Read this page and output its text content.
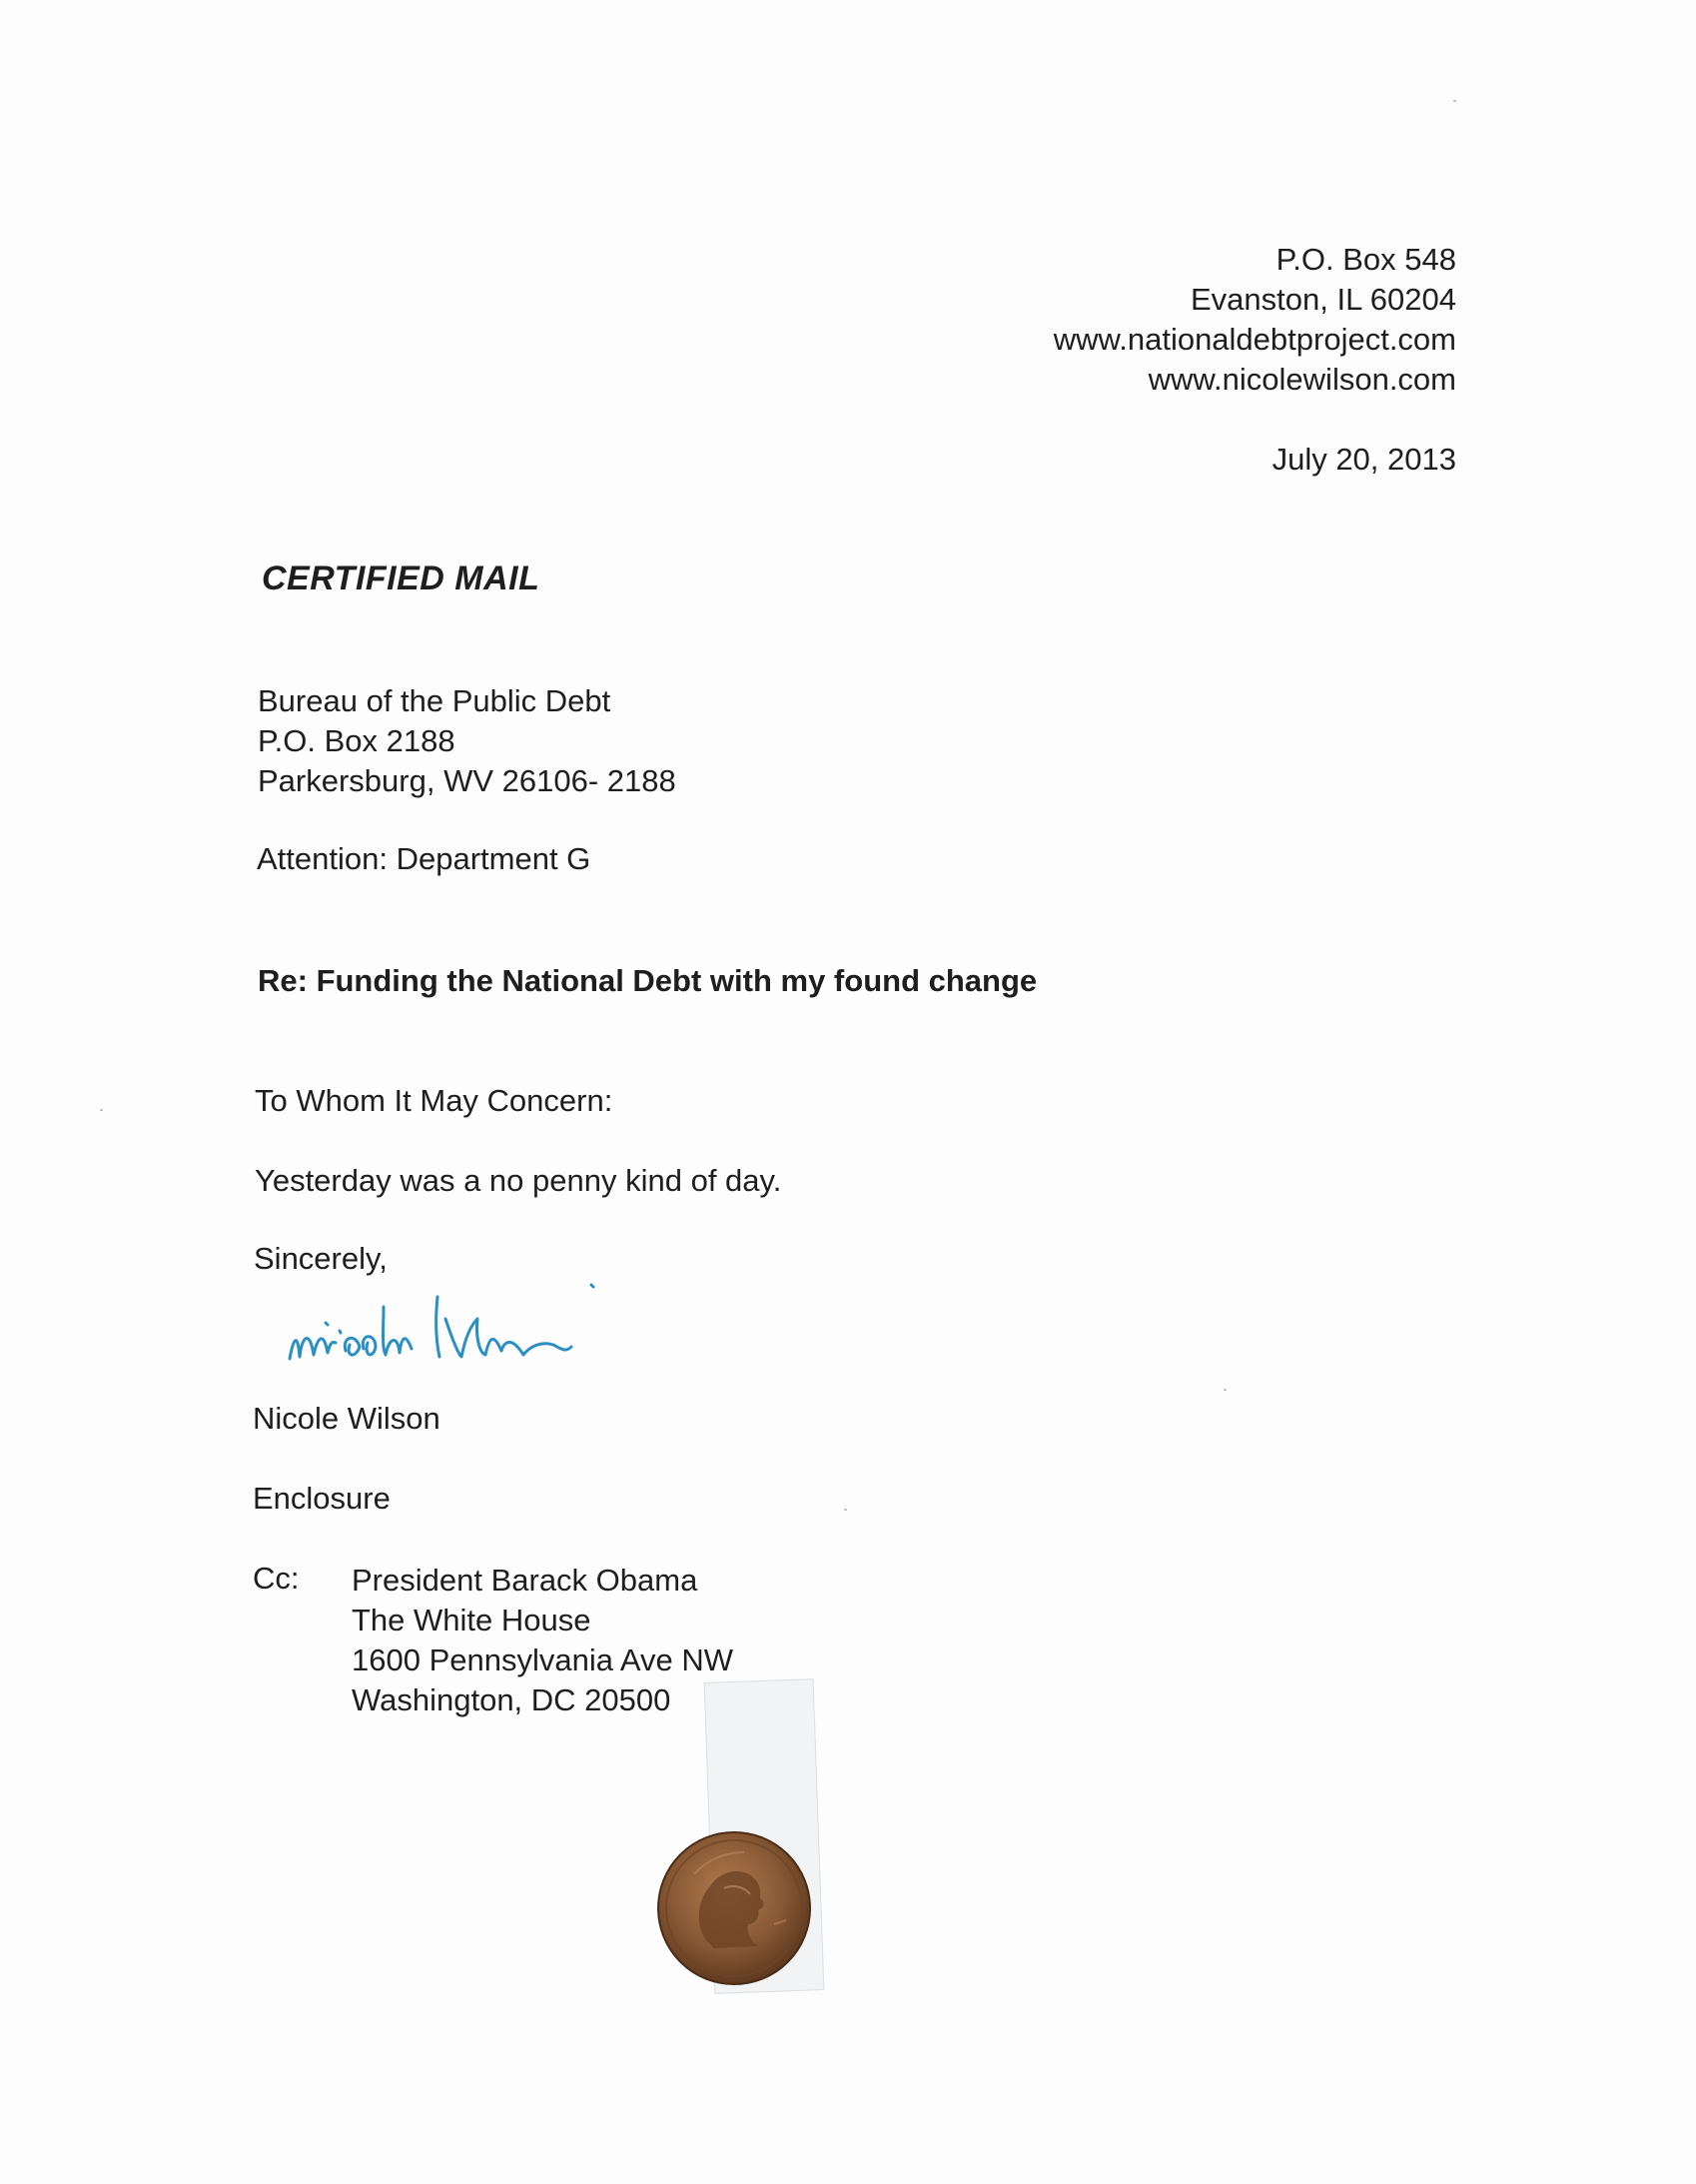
P.O. Box 548
Evanston, IL 60204
www.nationaldebtproject.com
www.nicolewilson.com
July 20, 2013
CERTIFIED MAIL
Bureau of the Public Debt
P.O. Box 2188
Parkersburg, WV 26106- 2188
Attention: Department G
Re: Funding the National Debt with my found change
To Whom It May Concern:
Yesterday was a no penny kind of day.
Sincerely,
Nicole Wilson
Enclosure
Cc: President Barack Obama
The White House
1600 Pennsylvania Ave NW
Washington, DC 20500
